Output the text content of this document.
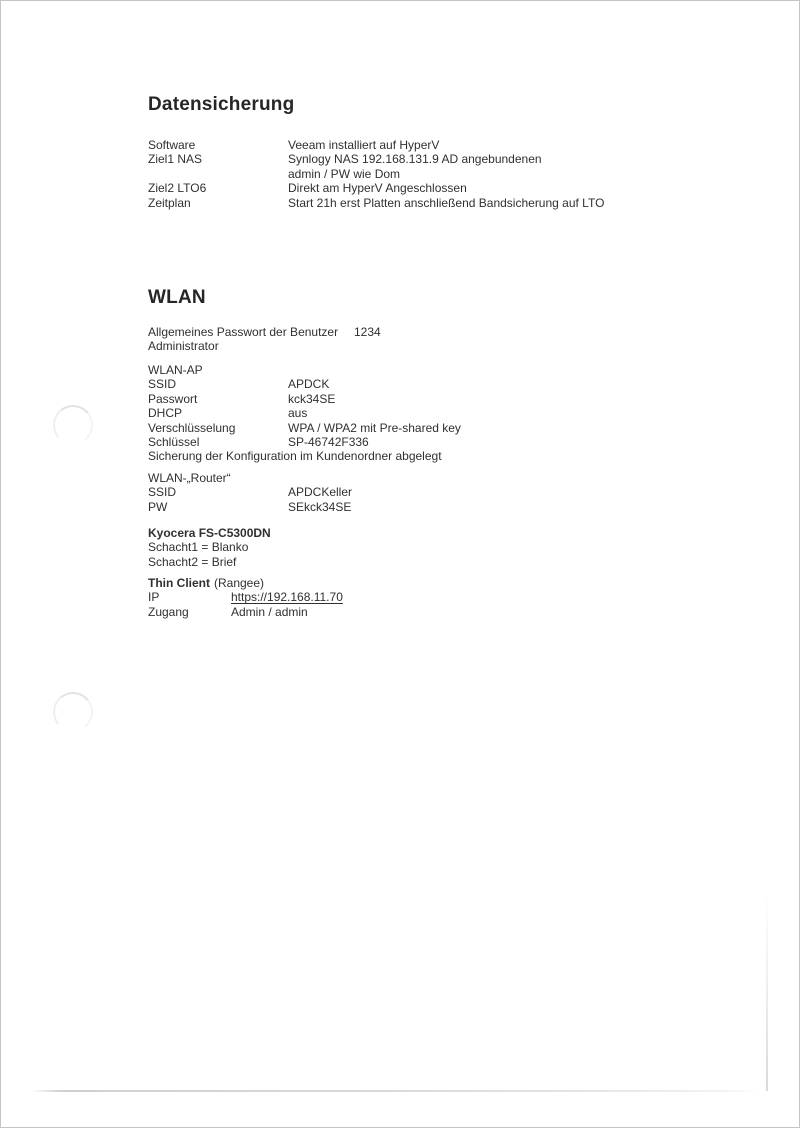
Datensicherung
Software	Veeam installiert auf HyperV
Ziel1 NAS	Synlogy NAS 192.168.131.9 AD angebundenen
admin / PW wie Dom
Ziel2 LTO6	Direkt am HyperV Angeschlossen
Zeitplan	Start 21h erst Platten anschließend Bandsicherung auf LTO
WLAN
Allgemeines Passwort der Benutzer 1234
Administrator
WLAN-AP
SSID	APDCK
Passwort	kck34SE
DHCP	aus
Verschlüsselung	WPA / WPA2 mit Pre-shared key
Schlüssel	SP-46742F336
Sicherung der Konfiguration im Kundenordner abgelegt
WLAN-„Router“
SSID	APDCKeller
PW	SEkck34SE
Kyocera FS-C5300DN
Schacht1 = Blanko
Schacht2 = Brief
Thin Client (Rangee)
IP	https://192.168.11.70
Zugang	Admin / admin
